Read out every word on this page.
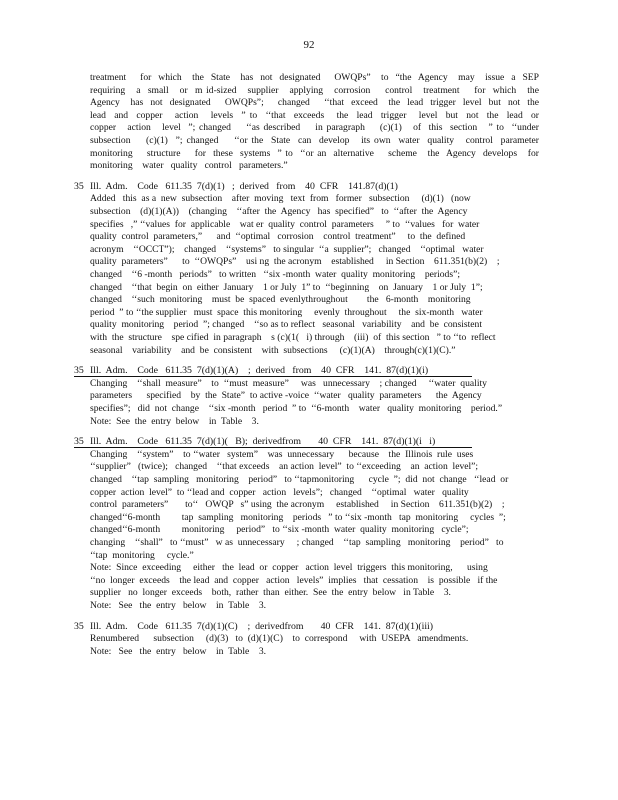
92
treatment    for  which   the  State   has  not  designated    OWQPs”   to  “the  Agency   may   issue  a  SEP
requiring   a  small   or  m id-sized   supplier   applying   corrosion    control   treatment    for  which   the
Agency   has  not  designated    OWQPs”;    changed    ‘‘that  exceed   the  lead  trigger  level  but  not  the
lead  and  copper   action   levels  ” to  ‘‘that  exceeds   the  lead  trigger   level  but  not  the  lead  or
copper   action   level  ”; changed    ‘‘as described    in paragraph    (c)(1)   of  this  section   ” to  ‘‘under
subsection    (c)(1)  ”; changed    ‘‘or the  State  can  develop   its own  water  quality   control  parameter
monitoring    structure    for  these  systems  ” to  ‘‘or an  alternative    scheme   the  Agency  develops   for
monitoring    water   quality   control   parameters.”
35 Ill.  Adm.    Code   611.35  7(d)(1)   ;  derived   from    40  CFR    141.87(d)(1)
Added   this  as a  new  subsection    after  moving   text  from   former   subsection     (d)(1)   (now
subsection    (d)(1)(A))    (changing    ‘‘after  the  Agency   has  specified”   to  ‘‘after  the  Agency
specifies   ,” ‘‘values  for  applicable    wat er  quality  control  parameters     ” to  ‘‘values   for  water
quality  control  parameters,”      and  ‘‘optimal   corrosion    control  treatment”     to  the  defined
acronym    ‘‘OCCT”);    changed    ‘‘systems”   to singular  ‘‘a  supplier”;   changed    ‘‘optimal   water
quality  parameters”      to  ‘‘OWQPs”    usi ng  the acronym    established     in Section    611.351(b)(2)    ;
changed    ‘‘6 -month   periods”   to written   ‘‘six -month  water  quality  monitoring    periods”;
changed    ‘‘that  begin  on  either  January    1 or July  1” to  ‘‘beginning    on  January    1 or July  1”;
changed    ‘‘such  monitoring    must  be  spaced  evenlythroughout        the   6-month    monitoring
period  ” to ‘‘the supplier   must  space  this monitoring     evenly  throughout     the  six-month   water
quality  monitoring    period  ”; changed    ‘‘so as to reflect   seasonal   variability    and  be  consistent
with  the  structure    spe cified  in paragraph    s (c)(1(   i) through    (iii)  of  this section   ” to ‘‘to  reflect
seasonal    variability    and  be  consistent    with  subsections     (c)(1)(A)    through(c)(1)(C).”
35 Ill.  Adm.    Code   611.35  7(d)(1)(A)    ;  derived   from    40  CFR    141.  87(d)(1)(i)
Changing    ‘‘shall  measure”    to  ‘‘must  measure”     was   unnecessary    ; changed     ‘‘water  quality
parameters      specified    by  the  State”  to active -voice  ‘‘water   quality  parameters      the  Agency
specifies”;   did  not  change    ‘‘six -month   period  ” to  ‘‘6-month    water   quality  monitoring    period.”
Note:  See  the  entry  below    in  Table    3.
35 Ill.  Adm.    Code   611.35  7(d)(1)(   B);  derivedfrom       40  CFR    141.  87(d)(1)(i   i)
Changing    ‘‘system”    to ‘‘water   system”    was  unnecessary      because    the  Illinois  rule  uses
‘‘supplier”   (twice);   changed    ‘‘that exceeds    an action  level”  to ‘‘exceeding    an  action  level”;
changed    ‘‘tap  sampling   monitoring    period”   to ‘‘tapmonitoring      cycle  ”;  did  not  change   ‘‘lead  or
copper  action  level”  to ‘‘lead and  copper   action   levels”;   changed    ‘‘optimal   water   quality
control  parameters”       to‘‘   OWQP   s” using  the acronym     established     in Section    611.351(b)(2)    ;
changed‘‘6-month         tap  sampling   monitoring    periods   ” to ‘‘six -month   tap  monitoring     cycles  ”;
changed‘‘6-month         monitoring     period”   to ‘‘six -month  water  quality  monitoring   cycle”;
changing    ‘‘shall”   to ‘‘must”   w as  unnecessary     ; changed    ‘‘tap  sampling   monitoring    period”   to
‘‘tap  monitoring     cycle.”
Note:  Since  exceeding     either   the  lead  or  copper   action  level  triggers  this monitoring,      using
‘‘no  longer  exceeds    the lead  and  copper   action   levels”  implies   that  cessation    is  possible   if the
supplier   no  longer  exceeds    both,  rather  than  either.  See  the  entry  below   in Table    3.
Note:   See   the  entry   below    in  Table    3.
35 Ill.  Adm.    Code   611.35  7(d)(1)(C)    ;  derivedfrom       40  CFR    141.  87(d)(1)(iii)
Renumbered      subsection     (d)(3)   to  (d)(1)(C)    to  correspond     with  USEPA   amendments.
Note:   See   the  entry   below    in  Table    3.
